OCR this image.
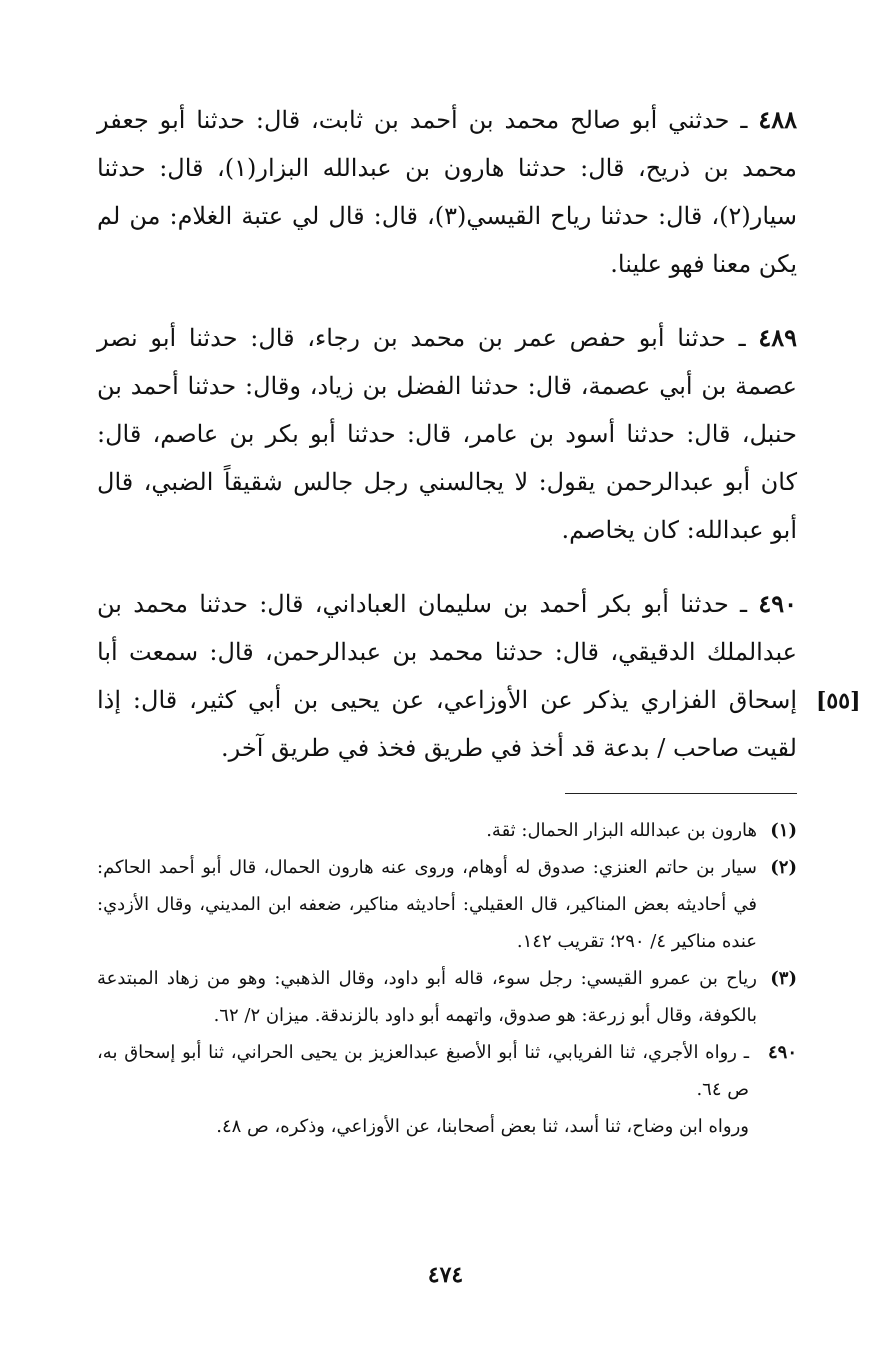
٤٨٨ ـ حدثني أبو صالح محمد بن أحمد بن ثابت، قال: حدثنا أبو جعفر محمد بن ذريح، قال: حدثنا هارون بن عبدالله البزار(١)، قال: حدثنا سيار(٢)، قال: حدثنا رياح القيسي(٣)، قال: قال لي عتبة الغلام: من لم يكن معنا فهو علينا.

٤٨٩ ـ حدثنا أبو حفص عمر بن محمد بن رجاء، قال: حدثنا أبو نصر عصمة بن أبي عصمة، قال: حدثنا الفضل بن زياد، وقال: حدثنا أحمد بن حنبل، قال: حدثنا أسود بن عامر، قال: حدثنا أبو بكر بن عاصم، قال: كان أبو عبدالرحمن يقول: لا يجالسني رجل جالس شقيقاً الضبي، قال أبو عبدالله: كان يخاصم.

٤٩٠ ـ حدثنا أبو بكر أحمد بن سليمان العباداني، قال: حدثنا محمد بن عبدالملك الدقيقي، قال: حدثنا محمد بن عبدالرحمن، قال: سمعت أبا إسحاق الفزاري يذكر عن الأوزاعي، عن يحيى بن أبي كثير، قال: إذا لقيت صاحب / بدعة قد أخذ في طريق فخذ في طريق آخر.

[٥٥]
(١)
هارون بن عبدالله البزار الحمال: ثقة.
(٢)
سيار بن حاتم العنزي: صدوق له أوهام، وروى عنه هارون الحمال، قال أبو أحمد الحاكم: في أحاديثه بعض المناكير، قال العقيلي: أحاديثه مناكير، ضعفه ابن المديني، وقال الأزدي: عنده مناكير ٤/ ٢٩٠؛ تقريب ١٤٢.
(٣)
رياح بن عمرو القيسي: رجل سوء، قاله أبو داود، وقال الذهبي: وهو من زهاد المبتدعة بالكوفة، وقال أبو زرعة: هو صدوق، واتهمه أبو داود بالزندقة. ميزان ٢/ ٦٢.
٤٩٠
ـ رواه الأجري، ثنا الفريابي، ثنا أبو الأصبغ عبدالعزيز بن يحيى الحراني، ثنا أبو إسحاق به، ص ٦٤.
ورواه ابن وضاح، ثنا أسد، ثنا بعض أصحابنا، عن الأوزاعي، وذكره، ص ٤٨.
٤٧٤
